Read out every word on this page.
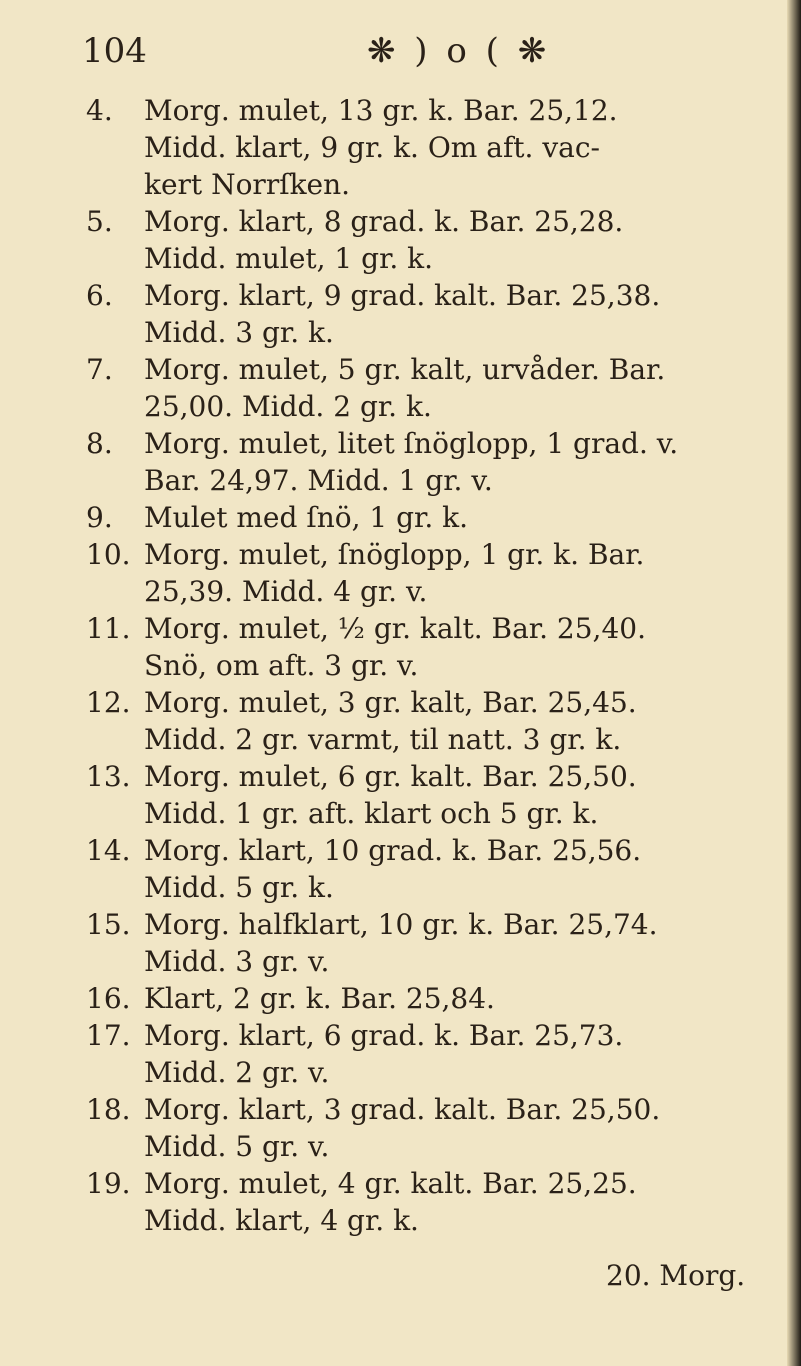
104	❋ ) o ( ❋
4. Morg. mulet, 13 gr. k. Bar. 25,12.
Midd. klart, 9 gr. k. Om aft. vac-
kert Norrſken.
5. Morg. klart, 8 grad. k. Bar. 25,28.
Midd. mulet, 1 gr. k.
6. Morg. klart, 9 grad. kalt. Bar. 25,38.
Midd. 3 gr. k.
7. Morg. mulet, 5 gr. kalt, urvåder. Bar.
25,00. Midd. 2 gr. k.
8. Morg. mulet, litet ſnöglopp, 1 grad. v.
Bar. 24,97. Midd. 1 gr. v.
9. Mulet med ſnö, 1 gr. k.
10. Morg. mulet, ſnöglopp, 1 gr. k. Bar.
25,39. Midd. 4 gr. v.
11. Morg. mulet, ½ gr. kalt. Bar. 25,40.
Snö, om aft. 3 gr. v.
12. Morg. mulet, 3 gr. kalt, Bar. 25,45.
Midd. 2 gr. varmt, til natt. 3 gr. k.
13. Morg. mulet, 6 gr. kalt. Bar. 25,50.
Midd. 1 gr. aft. klart och 5 gr. k.
14. Morg. klart, 10 grad. k. Bar. 25,56.
Midd. 5 gr. k.
15. Morg. halfklart, 10 gr. k. Bar. 25,74.
Midd. 3 gr. v.
16. Klart, 2 gr. k. Bar. 25,84.
17. Morg. klart, 6 grad. k. Bar. 25,73.
Midd. 2 gr. v.
18. Morg. klart, 3 grad. kalt. Bar. 25,50.
Midd. 5 gr. v.
19. Morg. mulet, 4 gr. kalt. Bar. 25,25.
Midd. klart, 4 gr. k.
20. Morg.
